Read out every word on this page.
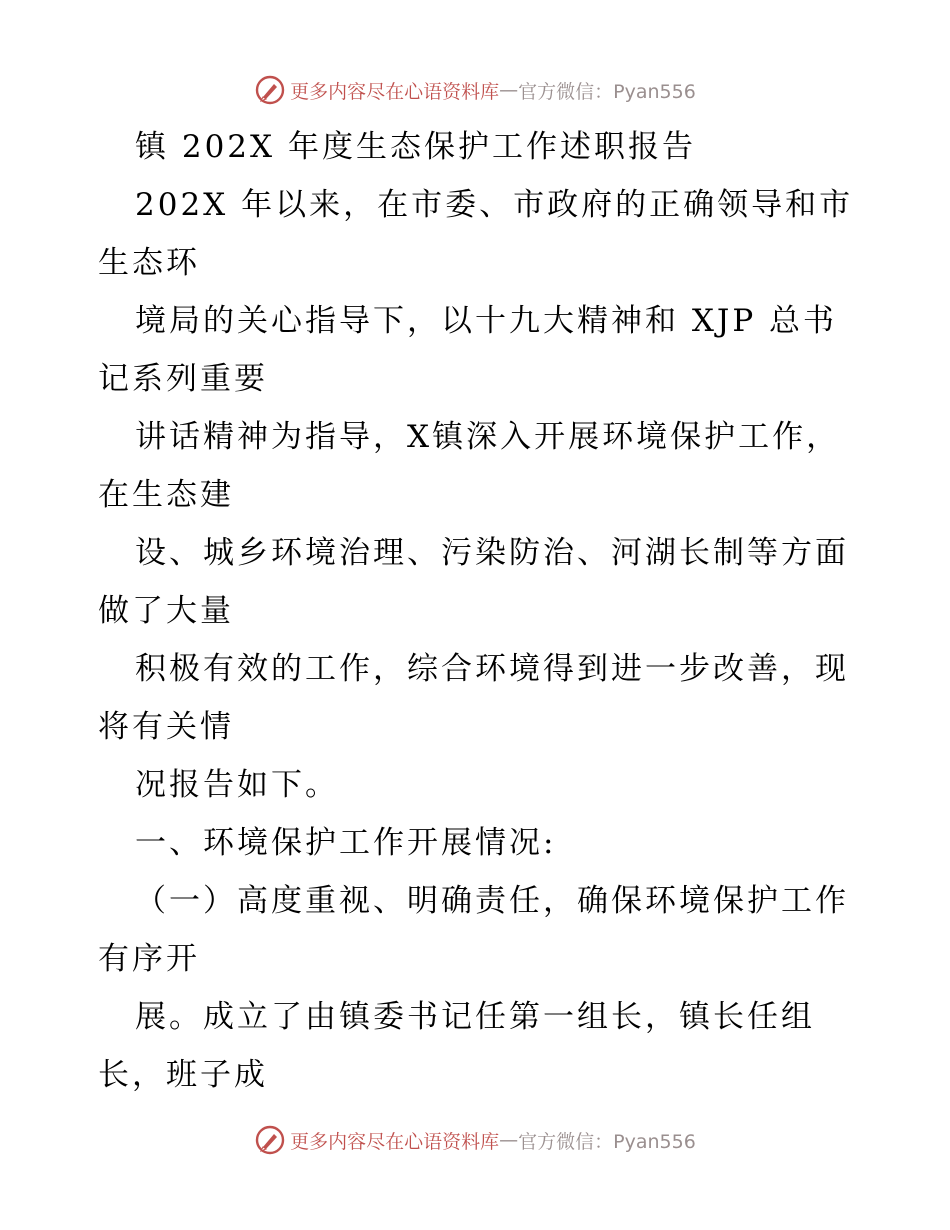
更多内容尽在心语资料库 — 官方微信：Pyan556
镇 202X 年度生态保护工作述职报告
202X 年以来，在市委、市政府的正确领导和市
生态环
境局的关心指导下，以十九大精神和 XJP 总书
记系列重要
讲话精神为指导，X镇深入开展环境保护工作，
在生态建
设、城乡环境治理、污染防治、河湖长制等方面
做了大量
积极有效的工作，综合环境得到进一步改善，现
将有关情
况报告如下。
一、环境保护工作开展情况:
（一）高度重视、明确责任，确保环境保护工作
有序开
展。成立了由镇委书记任第一组长，镇长任组
长，班子成
更多内容尽在心语资料库 — 官方微信：Pyan556
